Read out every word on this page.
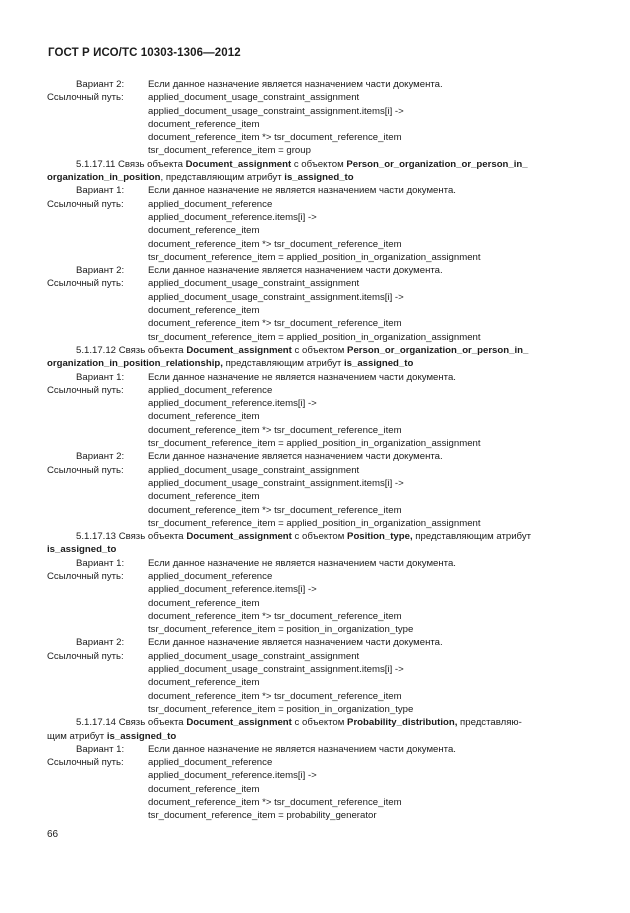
ГОСТ Р ИСО/ТС 10303-1306—2012
Вариант 2:	Если данное назначение является назначением части документа.
Ссылочный путь:	applied_document_usage_constraint_assignment
applied_document_usage_constraint_assignment.items[i] ->
document_reference_item
document_reference_item *> tsr_document_reference_item
tsr_document_reference_item = group
5.1.17.11 Связь объекта Document_assignment с объектом Person_or_organization_or_person_in_
organization_in_position, представляющим атрибут is_assigned_to
Вариант 1:	Если данное назначение не является назначением части документа.
Ссылочный путь:	applied_document_reference
applied_document_reference.items[i] ->
document_reference_item
document_reference_item *> tsr_document_reference_item
tsr_document_reference_item = applied_position_in_organization_assignment
Вариант 2:	Если данное назначение является назначением части документа.
Ссылочный путь:	applied_document_usage_constraint_assignment
applied_document_usage_constraint_assignment.items[i] ->
document_reference_item
document_reference_item *> tsr_document_reference_item
tsr_document_reference_item = applied_position_in_organization_assignment
5.1.17.12 Связь объекта Document_assignment с объектом Person_or_organization_or_person_in_
organization_in_position_relationship, представляющим атрибут is_assigned_to
Вариант 1:	Если данное назначение не является назначением части документа.
Ссылочный путь:	applied_document_reference
applied_document_reference.items[i] ->
document_reference_item
document_reference_item *> tsr_document_reference_item
tsr_document_reference_item = applied_position_in_organization_assignment
Вариант 2:	Если данное назначение является назначением части документа.
Ссылочный путь:	applied_document_usage_constraint_assignment
applied_document_usage_constraint_assignment.items[i] ->
document_reference_item
document_reference_item *> tsr_document_reference_item
tsr_document_reference_item = applied_position_in_organization_assignment
5.1.17.13 Связь объекта Document_assignment с объектом Position_type, представляющим атрибут
is_assigned_to
Вариант 1:	Если данное назначение не является назначением части документа.
Ссылочный путь:	applied_document_reference
applied_document_reference.items[i] ->
document_reference_item
document_reference_item *> tsr_document_reference_item
tsr_document_reference_item = position_in_organization_type
Вариант 2:	Если данное назначение является назначением части документа.
Ссылочный путь:	applied_document_usage_constraint_assignment
applied_document_usage_constraint_assignment.items[i] ->
document_reference_item
document_reference_item *> tsr_document_reference_item
tsr_document_reference_item = position_in_organization_type
5.1.17.14 Связь объекта Document_assignment с объектом Probability_distribution, представляю-
щим атрибут is_assigned_to
Вариант 1:	Если данное назначение не является назначением части документа.
Ссылочный путь:	applied_document_reference
applied_document_reference.items[i] ->
document_reference_item
document_reference_item *> tsr_document_reference_item
tsr_document_reference_item = probability_generator
66
